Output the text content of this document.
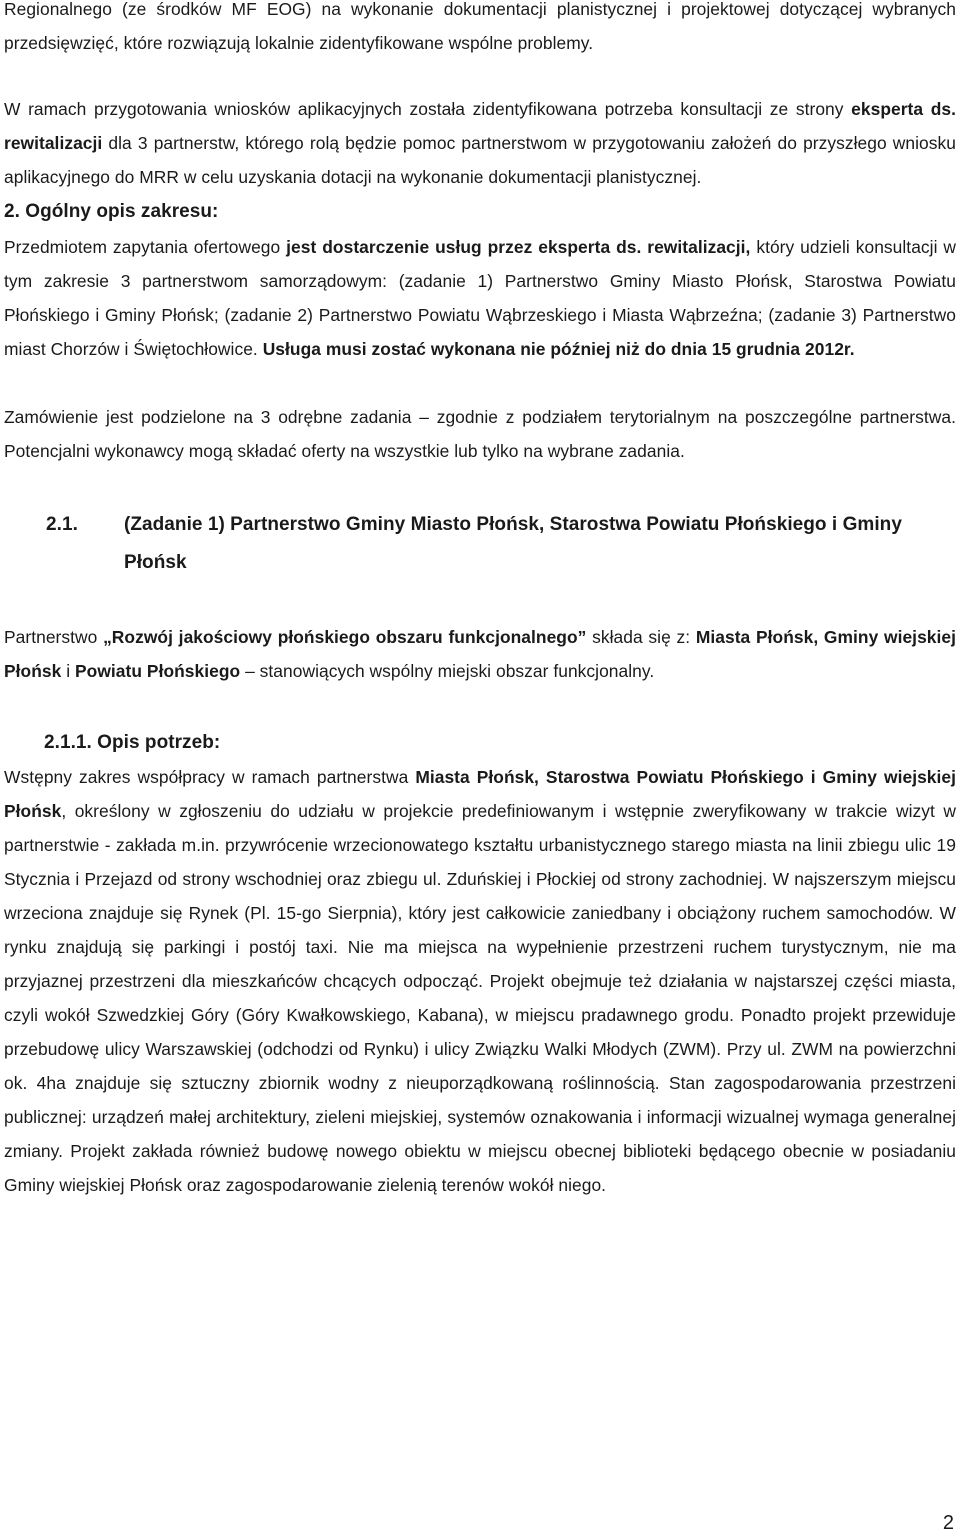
Regionalnego (ze środków MF EOG) na wykonanie dokumentacji planistycznej i projektowej dotyczącej wybranych przedsięwzięć, które rozwiązują lokalnie zidentyfikowane wspólne problemy.

W ramach przygotowania wniosków aplikacyjnych została zidentyfikowana potrzeba konsultacji ze strony eksperta ds. rewitalizacji dla 3 partnerstw, którego rolą będzie pomoc partnerstwom w przygotowaniu założeń do przyszłego wniosku aplikacyjnego do MRR w celu uzyskania dotacji na wykonanie dokumentacji planistycznej.

2. Ogólny opis zakresu:

Przedmiotem zapytania ofertowego jest dostarczenie usług przez eksperta ds. rewitalizacji, który udzieli konsultacji w tym zakresie 3 partnerstwom samorządowym: (zadanie 1) Partnerstwo Gminy Miasto Płońsk, Starostwa Powiatu Płońskiego i Gminy Płońsk; (zadanie 2) Partnerstwo Powiatu Wąbrzeskiego i Miasta Wąbrzeźna; (zadanie 3) Partnerstwo miast Chorzów i Świętochłowice. Usługa musi zostać wykonana nie później niż do dnia 15 grudnia 2012r.

Zamówienie jest podzielone na 3 odrębne zadania – zgodnie z podziałem terytorialnym na poszczególne partnerstwa. Potencjalni wykonawcy mogą składać oferty na wszystkie lub tylko na wybrane zadania.

2.1.	(Zadanie 1) Partnerstwo Gminy Miasto Płońsk, Starostwa Powiatu Płońskiego i Gminy Płońsk

Partnerstwo „Rozwój jakościowy płońskiego obszaru funkcjonalnego” składa się z: Miasta Płońsk, Gminy wiejskiej Płońsk i Powiatu Płońskiego – stanowiących wspólny miejski obszar funkcjonalny.

2.1.1. Opis potrzeb:

Wstępny zakres współpracy w ramach partnerstwa Miasta Płońsk, Starostwa Powiatu Płońskiego i Gminy wiejskiej Płońsk, określony w zgłoszeniu do udziału w projekcie predefiniowanym i wstępnie zweryfikowany w trakcie wizyt w partnerstwie - zakłada m.in. przywrócenie wrzecionowatego kształtu urbanistycznego starego miasta na linii zbiegu ulic 19 Stycznia i Przejazd od strony wschodniej oraz zbiegu ul. Zduńskiej i Płockiej od strony zachodniej. W najszerszym miejscu wrzeciona znajduje się Rynek (Pl. 15-go Sierpnia), który jest całkowicie zaniedbany i obciążony ruchem samochodów. W rynku znajdują się parkingi i postój taxi. Nie ma miejsca na wypełnienie przestrzeni ruchem turystycznym, nie ma przyjaznej przestrzeni dla mieszkańców chcących odpocząć. Projekt obejmuje też działania w najstarszej części miasta, czyli wokół Szwedzkiej Góry (Góry Kwałkowskiego, Kabana), w miejscu pradawnego grodu. Ponadto projekt przewiduje przebudowę ulicy Warszawskiej (odchodzi od Rynku) i ulicy Związku Walki Młodych (ZWM). Przy ul. ZWM na powierzchni ok. 4ha znajduje się sztuczny zbiornik wodny z nieuporządkowaną roślinnością. Stan zagospodarowania przestrzeni publicznej: urządzeń małej architektury, zieleni miejskiej, systemów oznakowania i informacji wizualnej wymaga generalnej zmiany. Projekt zakłada również budowę nowego obiektu w miejscu obecnej biblioteki będącego obecnie w posiadaniu Gminy wiejskiej Płońsk oraz zagospodarowanie zielenią terenów wokół niego.

2
